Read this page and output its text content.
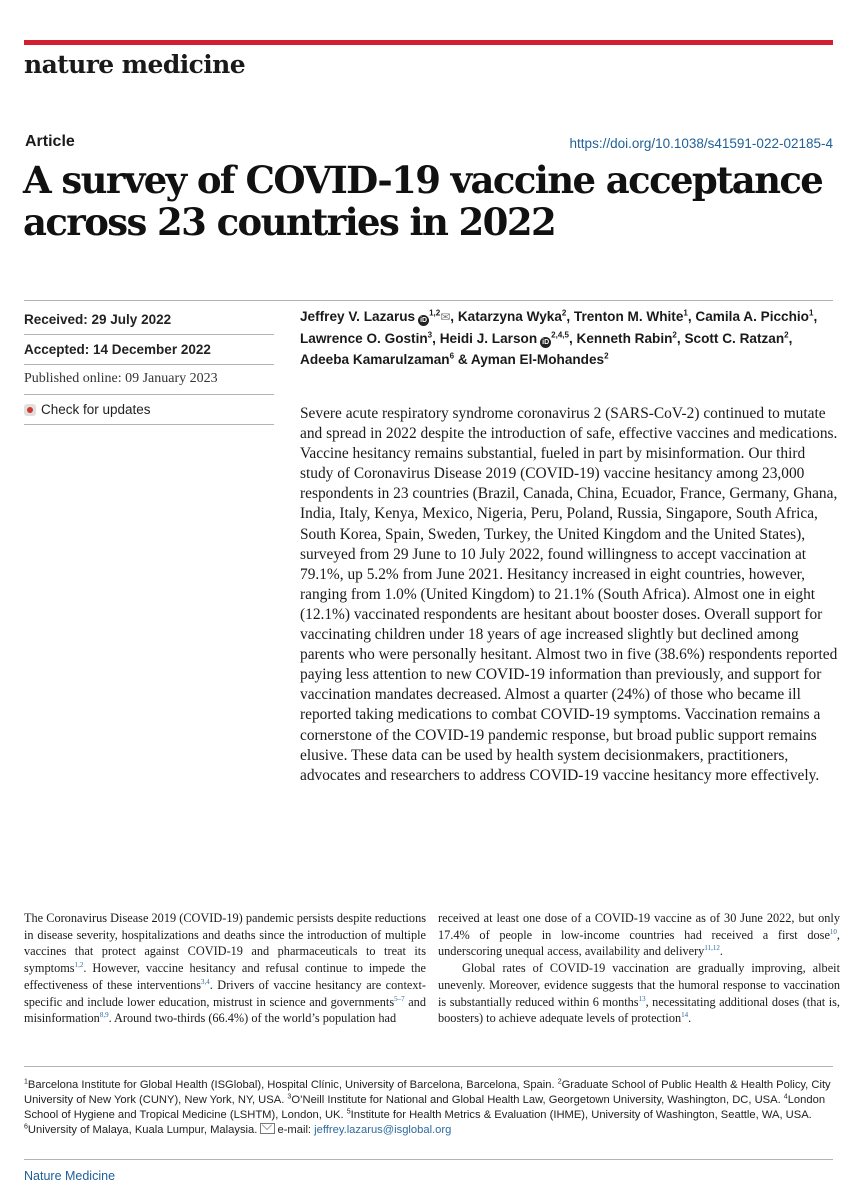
nature medicine
Article	https://doi.org/10.1038/s41591-022-02185-4
A survey of COVID-19 vaccine acceptance across 23 countries in 2022
Received: 29 July 2022
Accepted: 14 December 2022
Published online: 09 January 2023
Check for updates
Jeffrey V. Lazarus iD$^{1,2}$✉, Katarzyna Wyka$^2$, Trenton M. White$^1$, Camila A. Picchio$^1$, Lawrence O. Gostin$^3$, Heidi J. Larson iD$^{2,4,5}$, Kenneth Rabin$^2$, Scott C. Ratzan$^2$, Adeeba Kamarulzaman$^6$ & Ayman El-Mohandes$^2$
Severe acute respiratory syndrome coronavirus 2 (SARS-CoV-2) continued to mutate and spread in 2022 despite the introduction of safe, effective vaccines and medications. Vaccine hesitancy remains substantial, fueled in part by misinformation. Our third study of Coronavirus Disease 2019 (COVID-19) vaccine hesitancy among 23,000 respondents in 23 countries (Brazil, Canada, China, Ecuador, France, Germany, Ghana, India, Italy, Kenya, Mexico, Nigeria, Peru, Poland, Russia, Singapore, South Africa, South Korea, Spain, Sweden, Turkey, the United Kingdom and the United States), surveyed from 29 June to 10 July 2022, found willingness to accept vaccination at 79.1%, up 5.2% from June 2021. Hesitancy increased in eight countries, however, ranging from 1.0% (United Kingdom) to 21.1% (South Africa). Almost one in eight (12.1%) vaccinated respondents are hesitant about booster doses. Overall support for vaccinating children under 18 years of age increased slightly but declined among parents who were personally hesitant. Almost two in five (38.6%) respondents reported paying less attention to new COVID-19 information than previously, and support for vaccination mandates decreased. Almost a quarter (24%) of those who became ill reported taking medications to combat COVID-19 symptoms. Vaccination remains a cornerstone of the COVID-19 pandemic response, but broad public support remains elusive. These data can be used by health system decisionmakers, practitioners, advocates and researchers to address COVID-19 vaccine hesitancy more effectively.

The Coronavirus Disease 2019 (COVID-19) pandemic persists despite reductions in disease severity, hospitalizations and deaths since the introduction of multiple vaccines that protect against COVID-19 and pharmaceuticals to treat its symptoms$^{1,2}$. However, vaccine hesitancy and refusal continue to impede the effectiveness of these interventions$^{3,4}$. Drivers of vaccine hesitancy are context-specific and include lower education, mistrust in science and governments$^{5-7}$ and misinformation$^{8,9}$. Around two-thirds (66.4%) of the world’s population had

received at least one dose of a COVID-19 vaccine as of 30 June 2022, but only 17.4% of people in low-income countries had received a first dose$^{10}$, underscoring unequal access, availability and delivery$^{11,12}$.

Global rates of COVID-19 vaccination are gradually improving, albeit unevenly. Moreover, evidence suggests that the humoral response to vaccination is substantially reduced within 6 months$^{13}$, necessitating additional doses (that is, boosters) to achieve adequate levels of protection$^{14}$.

$^1$Barcelona Institute for Global Health (ISGlobal), Hospital Clínic, University of Barcelona, Barcelona, Spain. $^2$Graduate School of Public Health & Health Policy, City University of New York (CUNY), New York, NY, USA. $^3$O’Neill Institute for National and Global Health Law, Georgetown University, Washington, DC, USA. $^4$London School of Hygiene and Tropical Medicine (LSHTM), London, UK. $^5$Institute for Health Metrics & Evaluation (IHME), University of Washington, Seattle, WA, USA. $^6$University of Malaya, Kuala Lumpur, Malaysia. e-mail: jeffrey.lazarus@isglobal.org
Nature Medicine
